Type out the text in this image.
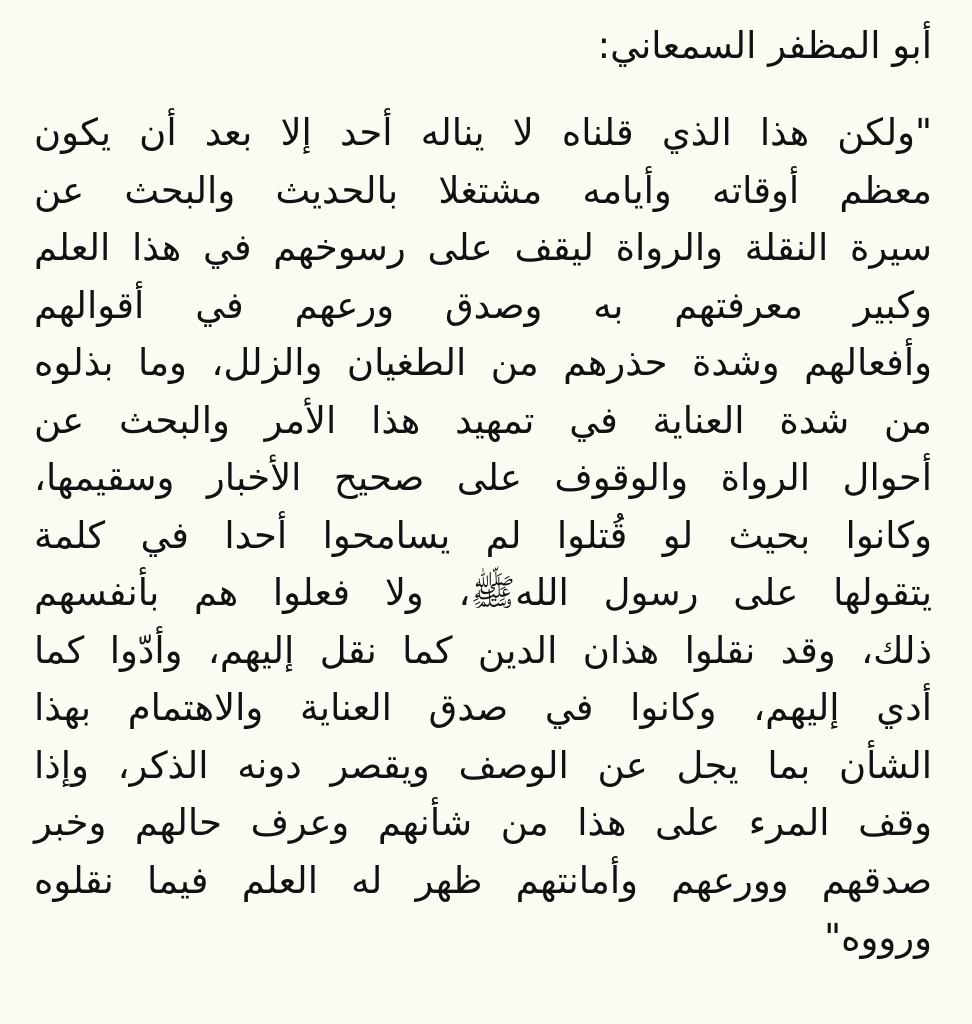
أبو المظفر السمعاني:
"ولكن هذا الذي قلناه لا يناله أحد إلا بعد أن يكون
معظم أوقاته وأيامه مشتغلا بالحديث والبحث عن
سيرة النقلة والرواة ليقف على رسوخهم في هذا العلم
وكبير معرفتهم به وصدق ورعهم في أقوالهم
وأفعالهم وشدة حذرهم من الطغيان والزلل، وما بذلوه
من شدة العناية في تمهيد هذا الأمر والبحث عن
أحوال الرواة والوقوف على صحيح الأخبار وسقيمها،
وكانوا بحيث لو قُتلوا لم يسامحوا أحدا في كلمة
يتقولها على رسول اللهﷺ، ولا فعلوا هم بأنفسهم
ذلك، وقد نقلوا هذان الدين كما نقل إليهم، وأدّوا كما
أدي إليهم، وكانوا في صدق العناية والاهتمام بهذا
الشأن بما يجل عن الوصف ويقصر دونه الذكر، وإذا
وقف المرء على هذا من شأنهم وعرف حالهم وخبر
صدقهم وورعهم وأمانتهم ظهر له العلم فيما نقلوه
ورووه"
